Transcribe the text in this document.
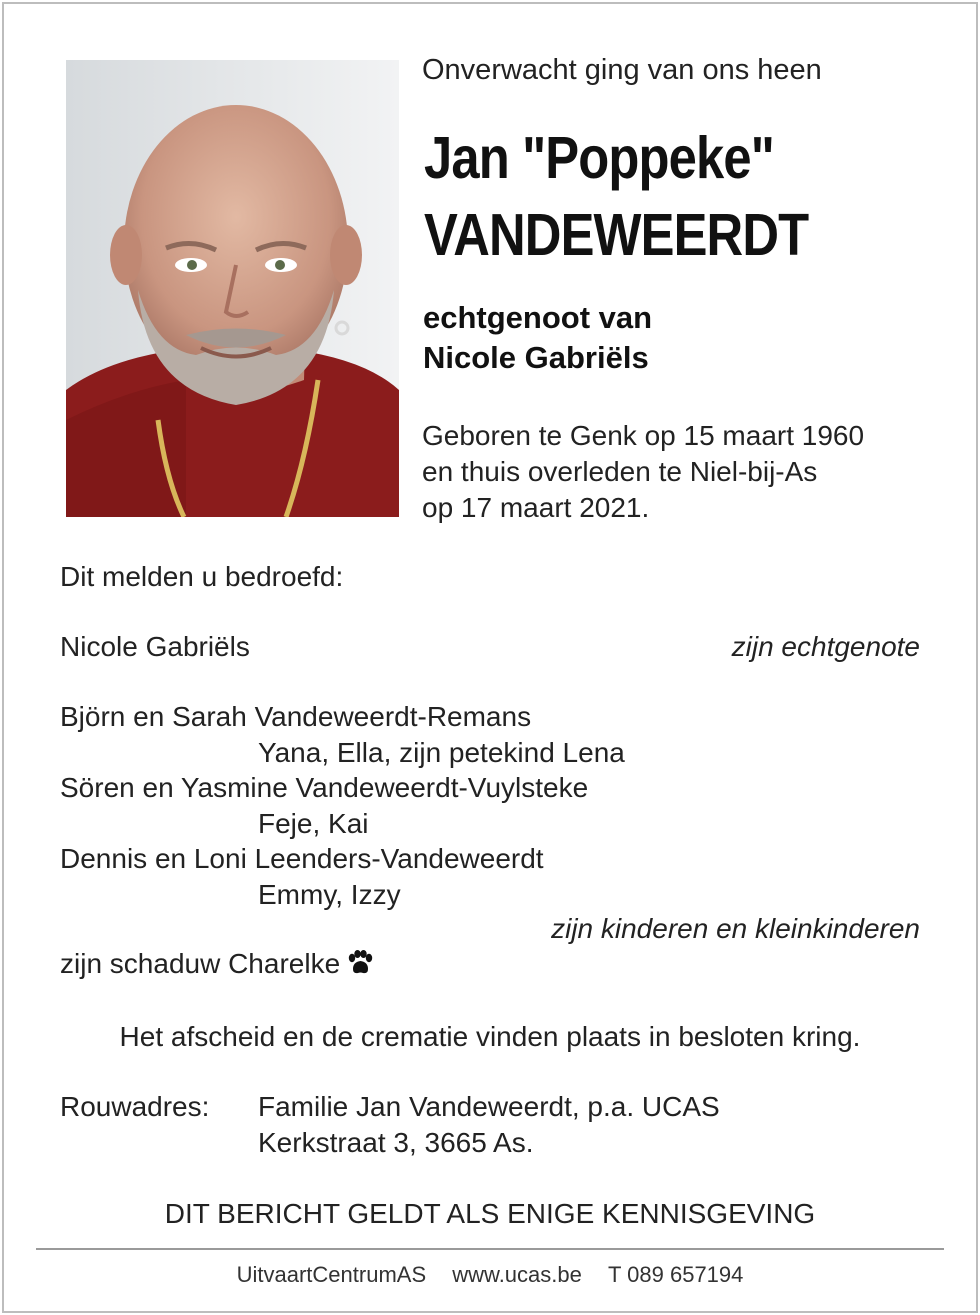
Onverwacht ging van ons heen
Jan "Poppeke"
VANDEWEERDT
echtgenoot van
Nicole Gabriëls
Geboren te Genk op 15 maart 1960
en thuis overleden te Niel-bij-As
op 17 maart 2021.
Dit melden u bedroefd:
Nicole Gabriëls	zijn echtgenote
Björn en Sarah Vandeweerdt-Remans
Yana, Ella, zijn petekind Lena
Sören en Yasmine Vandeweerdt-Vuylsteke
Feje, Kai
Dennis en Loni Leenders-Vandeweerdt
Emmy, Izzy
zijn kinderen en kleinkinderen
zijn schaduw Charelke
Het afscheid en de crematie vinden plaats in besloten kring.
Rouwadres: Familie Jan Vandeweerdt, p.a. UCAS
Kerkstraat 3, 3665 As.
DIT BERICHT GELDT ALS ENIGE KENNISGEVING
UitvaartCentrumAS www.ucas.be T 089 657194
